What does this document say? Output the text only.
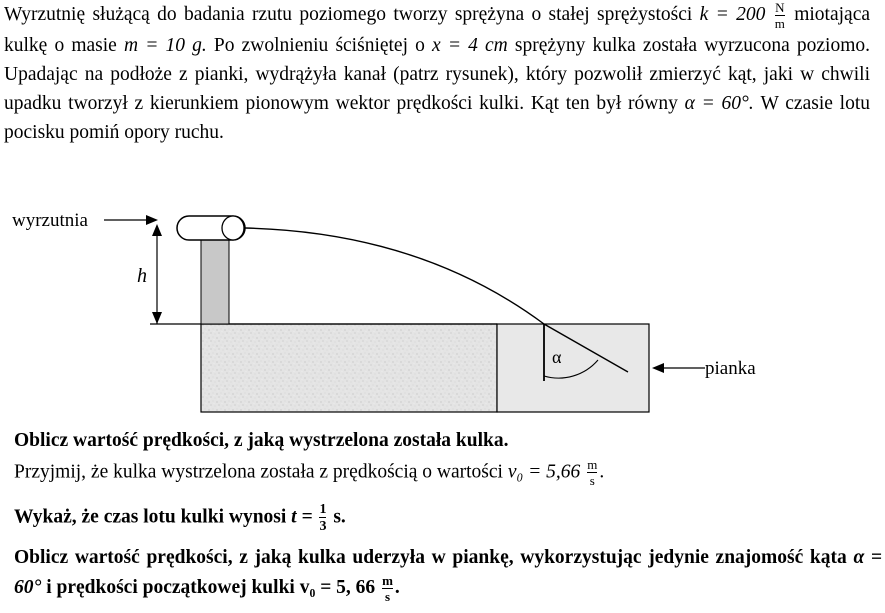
Wyrzutnię służącą do badania rzutu poziomego tworzy sprężyna o stałej sprężystości $k = 200 \frac{N}{m}$ miotająca kulkę o masie m = 10 g. Po zwolnieniu ściśniętej o x = 4 cm sprężyny kulka została wyrzucona poziomo. Upadając na podłoże z pianki, wydrążyła kanał (patrz rysunek), który pozwolił zmierzyć kąt, jaki w chwili upadku tworzył z kierunkiem pionowym wektor prędkości kulki. Kąt ten był równy α = 60°. W czasie lotu pocisku pomiń opory ruchu.

wyrzutnia
h
α
pianka
Oblicz wartość prędkości, z jaką wystrzelona została kulka.
Przyjmij, że kulka wystrzelona została z prędkością o wartości $v_0 = 5,66 \frac{m}{s}$ .
Wykaż, że czas lotu kulki wynosi $t = \frac{1}{3} s$.
Oblicz wartość prędkości, z jaką kulka uderzyła w piankę, wykorzystując jedynie znajomość kąta α = 60° i prędkości początkowej kulki v₀ = 5, $66 \frac{m}{s}$ .
